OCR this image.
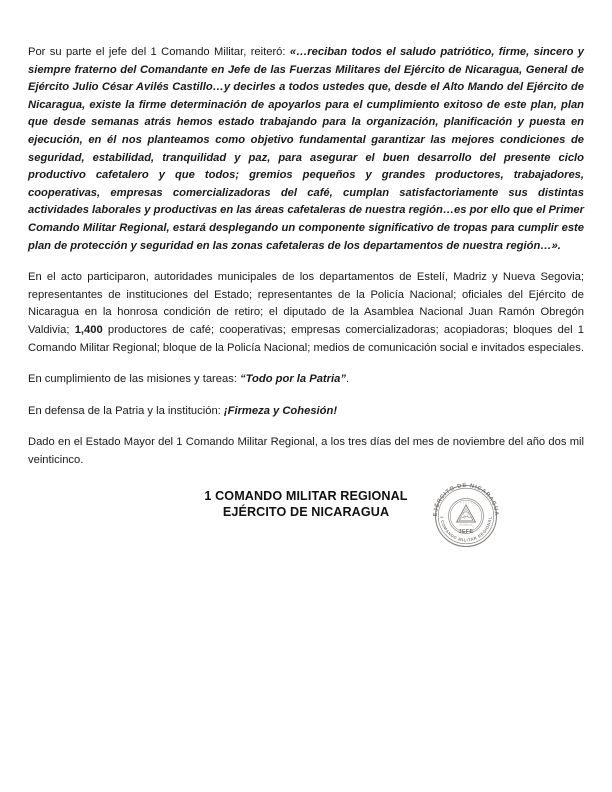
Por su parte el jefe del 1 Comando Militar, reiteró: «…reciban todos el saludo patriótico, firme, sincero y siempre fraterno del Comandante en Jefe de las Fuerzas Militares del Ejército de Nicaragua, General de Ejército Julio César Avilés Castillo…y decirles a todos ustedes que, desde el Alto Mando del Ejército de Nicaragua, existe la firme determinación de apoyarlos para el cumplimiento exitoso de este plan, plan que desde semanas atrás hemos estado trabajando para la organización, planificación y puesta en ejecución, en él nos planteamos como objetivo fundamental garantizar las mejores condiciones de seguridad, estabilidad, tranquilidad y paz, para asegurar el buen desarrollo del presente ciclo productivo cafetalero y que todos; gremios pequeños y grandes productores, trabajadores, cooperativas, empresas comercializadoras del café, cumplan satisfactoriamente sus distintas actividades laborales y productivas en las áreas cafetaleras de nuestra región…es por ello que el Primer Comando Militar Regional, estará desplegando un componente significativo de tropas para cumplir este plan de protección y seguridad en las zonas cafetaleras de los departamentos de nuestra región…».

En el acto participaron, autoridades municipales de los departamentos de Estelí, Madriz y Nueva Segovia; representantes de instituciones del Estado; representantes de la Policía Nacional; oficiales del Ejército de Nicaragua en la honrosa condición de retiro; el diputado de la Asamblea Nacional Juan Ramón Obregón Valdivia; 1,400 productores de café; cooperativas; empresas comercializadoras; acopiadoras; bloques del 1 Comando Militar Regional; bloque de la Policía Nacional; medios de comunicación social e invitados especiales.

En cumplimiento de las misiones y tareas: “Todo por la Patria”.

En defensa de la Patria y la institución: ¡Firmeza y Cohesión!

Dado en el Estado Mayor del 1 Comando Militar Regional, a los tres días del mes de noviembre del año dos mil veinticinco.

1 COMANDO MILITAR REGIONAL
EJÉRCITO DE NICARAGUA	EJÉRCITO DE NICARAGUA
1 COMANDO MILITAR REGIONAL
★ ★ ★ ★ ★
NICARAGUA
JEFE
